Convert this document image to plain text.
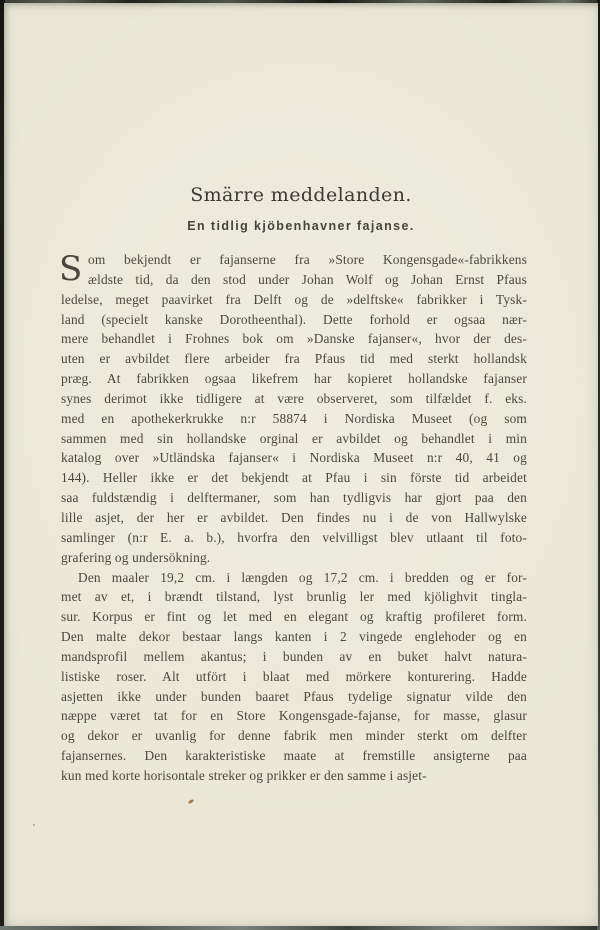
Smärre meddelanden.
En tidlig kjöbenhavner fajanse.
S om bekjendt er fajanserne fra »Store Kongensgade«-fabrikkens
ældste tid, da den stod under Johan Wolf og Johan Ernst Pfaus
ledelse, meget paavirket fra Delft og de »delftske« fabrikker i Tysk-
land (specielt kanske Dorotheenthal). Dette forhold er ogsaa nær-
mere behandlet i Frohnes bok om »Danske fajanser«, hvor der des-
uten er avbildet flere arbeider fra Pfaus tid med sterkt hollandsk
præg. At fabrikken ogsaa likefrem har kopieret hollandske fajanser
synes derimot ikke tidligere at være observeret, som tilfældet f. eks.
med en apothekerkrukke n:r 58874 i Nordiska Museet (og som
sammen med sin hollandske orginal er avbildet og behandlet i min
katalog over »Utländska fajanser« i Nordiska Museet n:r 40, 41 og
144). Heller ikke er det bekjendt at Pfau i sin förste tid arbeidet
saa fuldstændig i delftermaner, som han tydligvis har gjort paa den
lille asjet, der her er avbildet. Den findes nu i de von Hallwylske
samlinger (n:r E. a. b.), hvorfra den velvilligst blev utlaant til foto-
grafering og undersökning.
Den maaler 19,2 cm. i længden og 17,2 cm. i bredden og er for-
met av et, i brændt tilstand, lyst brunlig ler med kjölighvit tingla-
sur. Korpus er fint og let med en elegant og kraftig profileret form.
Den malte dekor bestaar langs kanten i 2 vingede englehoder og en
mandsprofil mellem akantus; i bunden av en buket halvt natura-
listiske roser. Alt utfört i blaat med mörkere konturering. Hadde
asjetten ikke under bunden baaret Pfaus tydelige signatur vilde den
næppe været tat for en Store Kongensgade-fajanse, for masse, glasur
og dekor er uvanlig for denne fabrik men minder sterkt om delfter
fajansernes. Den karakteristiske maate at fremstille ansigterne paa
kun med korte horisontale streker og prikker er den samme i asjet-
